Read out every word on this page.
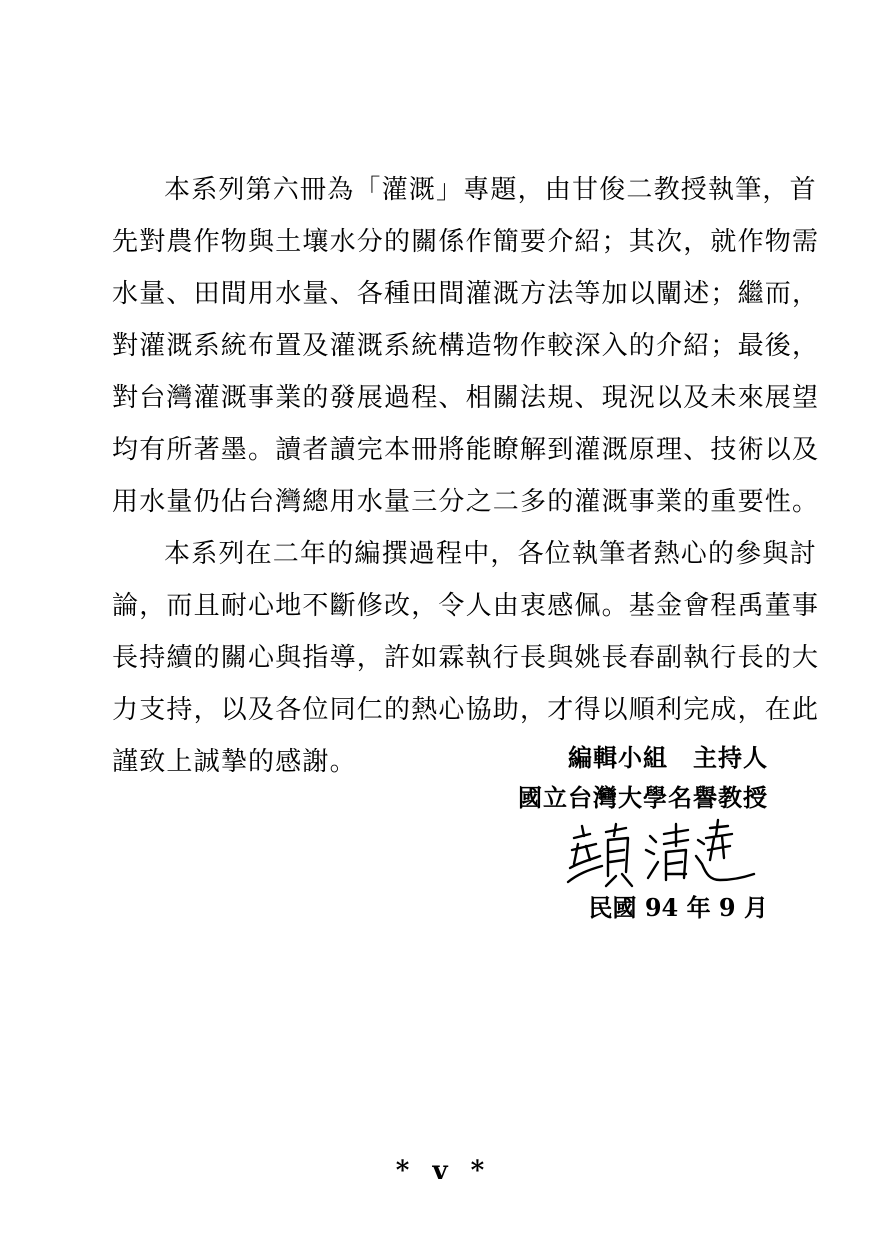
本系列第六冊為「灌溉」專題，由甘俊二教授執筆，首
先對農作物與土壤水分的關係作簡要介紹；其次，就作物需
水量、田間用水量、各種田間灌溉方法等加以闡述；繼而，
對灌溉系統布置及灌溉系統構造物作較深入的介紹；最後，
對台灣灌溉事業的發展過程、相關法規、現況以及未來展望
均有所著墨。讀者讀完本冊將能瞭解到灌溉原理、技術以及
用水量仍佔台灣總用水量三分之二多的灌溉事業的重要性。
本系列在二年的編撰過程中，各位執筆者熱心的參與討
論，而且耐心地不斷修改，令人由衷感佩。基金會程禹董事
長持續的關心與指導，許如霖執行長與姚長春副執行長的大
力支持，以及各位同仁的熱心協助，才得以順利完成，在此
謹致上誠摯的感謝。	編輯小組　主持人
國立台灣大學名譽教授
民國 94 年 9 月
* v *
